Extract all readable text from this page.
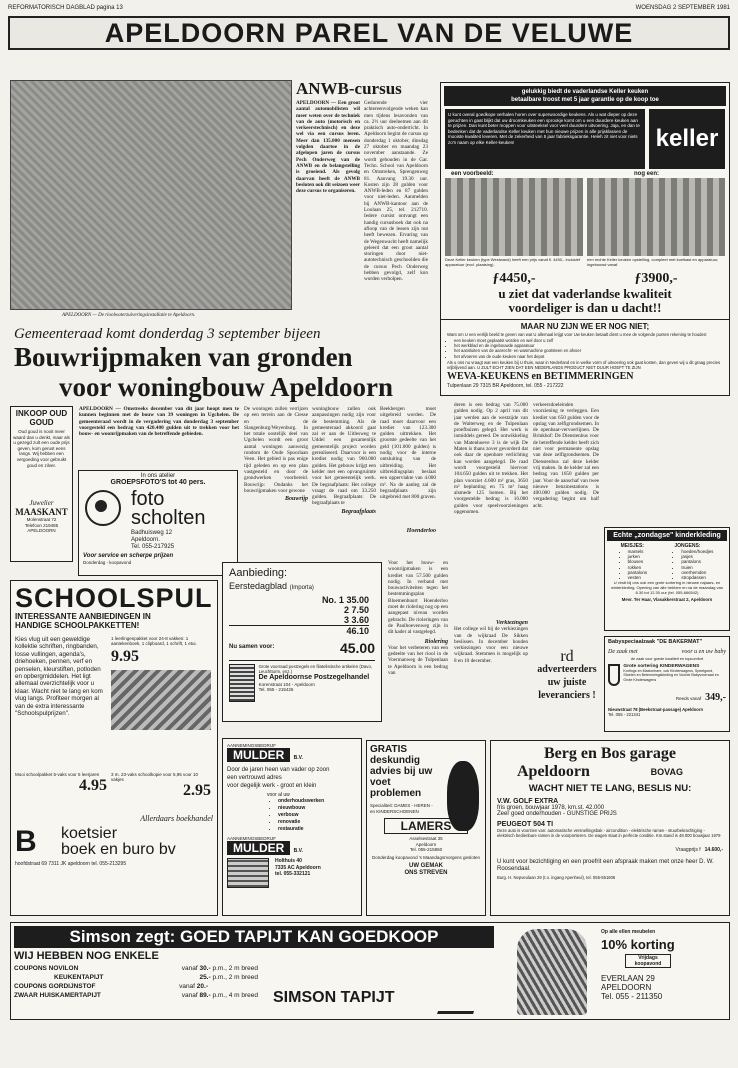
REFORMATORISCH DAGBLAD pagina 13	WOENSDAG 2 SEPTEMBER 1981
APELDOORN PAREL VAN DE VELUWE
APELDOORN — De rioolwaterzuiveringsinstallatie te Apeldoorn.
ANWB-cursus
APELDOORN — Een groot aantal automobilisten wil meer weten over de techniek van de auto (motorisch en verkeerstechnisch) en deze wel via een cursus leren. Meer dan 135.000 mensen volgden daartoe in de afgelopen jaren de cursus Pech Onderweg van de ANWB en de belangstelling is groeiend. Als gevolg daarvan heeft de ANWB besloten ook dit seizoen weer deze cursus te organiseren.
Gedurende vier achtereenvolgende weken kan men tijdens lesavonden van ca. 2½ uur deelnemen aan dit praktisch auto-onderricht. In Apeldoorn begint de cursus op donderdag 1 oktober, dinsdag 27 oktober en maandag 23 november aanstaande. Ze wordt gehouden in de Gar. Techn. School van Apeldoorn en Omstreken, Sprengenweg 81. Aanvang 19.30 uur. Kosten zijn 28 gulden voor ANWB-leden en 87 gulden voor niet-leden. Aanmelden bij ANWB-kantoor aan de Loolaan 25, tel. 212710. Iedere cursist ontvangt een handig cursusboek dat ook na afloop van de lessen zijn nut heeft bewezen. Ervaring van de Wegenwacht heeft namelijk geleerd dat een groot aantal storingen door niet-autotechnisch geschoolden die de cursus Pech Onderweg hebben gevolgd, zelf kon worden verholpen.
gelukkig biedt de vaderlandse Keller keuken
betaalbare troost met 5 jaar garantie op de koop toe
U kunt overal goedkope verhalen horen over superwoordige keukens. Als u wat dieper op deze geruchten in gaat blijkt dat uw droomkeuken een sprookje komt om u een duurdere keuken aan te prijzen. Dan kunt beter moppen voor uitsteeksel voor veel duurdere uitvoering. Jaja, en dan te bedenken dat de vaderlandse Keller keuken met hun nieuwe prijzen in alle prijsklassen de mooiste kwaliteit leveren. Met de zekerheid van 5 jaar fabrieksgarantie. Heleh zit niet voor niets zo'n naam op elke Keller-keuken!	keller
een voorbeeld:	nog een:
Deze Keller keuken (type Westwand) heeft een prijs vanaf fl. 4450,- inclusief apparatuur (excl. plaatsing).
ƒ4450,-
een rechte Keller keuken opstelling, compleet met koelkast en apparatuur, ingebouwd vanaf.
ƒ3900,-
u ziet dat vaderlandse kwaliteit
voordeliger is dan u dacht!!
MAAR NU ZIJN WE ER NOG NIET;
Want om U een eerlijk beeld te geven van wat U allemaal krijgt voor Uw keuken betaalt dient u mee de volgende punten rekening te houden:
• een keuken moet geplaatst worden en wel door u zelf
• het werkblad en de ingebouwde apparatuur
• het aansluiten van de aanrecht- en wasmachine gootsteen en afvoer
• het afvoeren van de oude keuken naar het depot
Als u ons nu vraagt wat een keuken bij U thuis, waar in Nederland en in welke vorm of uitvoering ook gaat kosten, dan geven wij u dit graag precies vrijblijvend aan. U ZULT ECHT ZIEN DAT EEN NEDERLANDS PRODUCT NIET DUUR HOEFT TE ZIJN
WEVA-KEUKENS en BETIMMERINGEN
Tulpenlaan 29 7315 BR Apeldoorn, tel. 055 - 217222
Gemeenteraad komt donderdag 3 september bijeen
Bouwrijpmaken van gronden
voor woningbouw Apeldoorn
APELDOORN — Omstreeks december van dit jaar hoopt men te kunnen beginnen met de bouw van 39 woningen in Ugchelen. De gemeenteraad wordt in de vergadering van donderdag 3 september voorgesteld een bedrag van 420.400 gulden uit te trekken voor het bouw- en woonrijpmaken van de betreffende gebieden.

De woningen zullen verrijzen op een terrein aan de Ciesse en de Slangenburg/Weyenburg. In het totale oostelijk deel van Ugchelen wordt een groot aantal woningen aanwezig rondom de Oude Spoorlaan Veen. Het gebied is pas enige tijd geleden en op een plan vastgesteld en door de grondwerken voorbereid. Bouwrijp: Ondanks het bouwrijpmaken voor gewone

Bouwrijp

woningbouw zullen ook aanpassingen nodig zijn voor de bestemming. Als de gemeenteraad akkoord gaat zal er aan de Uitlesweg te Uddel een gezamenlijk gemeentelijk project worden gerealiseerd. Daarvoor is een krediet nodig van 960.000 gulden. Het gebouw krijgt een kelder met een opvangruimte voor het gemeentelijk werk. De begraafplaats: Het college vraagt de raad om 33.250 gulden. Begraafplaats: De begraafplaats te

Begraafplaats

Beekbergen moet uitgebreid worden. De raad moet daarvoor een krediet van 123.300 gulden uittrekken. Het grootste gedeelte van het geld (101.000 gulden) is nodig voor de interne ontsluiting van de uitbreiding. Het uitbreidingsplan beslaat een oppervlakte van 4.000 m². Na de aanleg zal de begraafplaats zijn uitgebreid met 800 graven.

Hoenderloo

deren is een bedrag van 75.000 gulden nodig. Op 2 april van dit jaar werden aan de westzijde van de Walterweg en de Tulpenlaan proefbuizen gelegd. Het werk is inmiddels gereed. De ontwikkeling van Matenhoeve 3 is de wijk De Maten is thans zover gevorderd dat ook daar de openbare verlichting kan worden aangelegd. De raad wordt voorgesteld hiervoor 104.650 gulden uit te trekken. Het plan voorziet 4.600 m² gras, 3650 m² beplanting en 75 m² haag alsmede 125 bomen. Bij het voorgestelde bedrag is 16.000 gulden voor speelvoorzieningen opgenomen.

verkeersdoeleinden voorziening te verleggen. Een krediet van 650 gulden voor de opslag van zelfigrondsemen. In de openbaar-vervoerlijnen. De Brinkhof: De Dienstenbus voor de betreffende kelder heeft zich niet voor permanente opslag van deze zelfigrondsemen. De Dienstenbus zal deze kelder vrij maken. In de kelder zal een bedrag van 1650 gulden per jaar. Voor de aanschaf van twee nieuwe benzinestations is 400.000 gulden nodig. De vergadering begint om half acht.

Voor het bouw- en woonrijpmaken is een krediet van 57.500 gulden nodig. In verband met bouwactiviteiten tegen het bestemmingsplan Bloemenbuurt Hoenderloo moet de riolering nog op een aangepast niveau worden gebracht. De rioleringen van de Paulhoevenweg zijn in dit kader al vastgelegd.

Riolering

Voor het verbeteren van een gedeelte van het riool in de Voermanweg de Tulpenlaan te Apeldoorn is een bedrag van

Verkiezingen

Het college wil bij de verkiezingen van de wijkraad De Sikken beslissen. In december houden verkiezingen voor een nieuwe wijkraad. Stemmen is mogelijk op 8 en 10 december.

INKOOP OUD GOUD
Oud goud is nooit meer waard dan u denkt, maar als u gezegd zult een oude prijs geven, kom gerust eens langs. Wij hebben een vergoeding voor gebruikt goud en zilver.
Juwelier
MAASKANT
Molenstraat 72
Telefoon 219485
APELDOORN
In ons atelier
GROEPSFOTO'S tot 40 pers.
foto
scholten
Badhuisweg 12
Apeldoorn.
Tel. 055-217925
Voor service en scherpe prijzen
Donderdag - koopavond
Aanbieding:
Eerstedagblad (Importa)
No. 1 35.00
2 7.50
3 3.60
46.10
Nu samen voor:	45.00
Grote voorraad postzegels en filatelistische artikelen (Davo, Leuchtturm, enz.)
De Apeldoornse Postzegelhandel
Korenstraat 104 - Apeldoorn
Tel. 055 - 215426
SCHOOLSPUL
INTERESSANTE AANBIEDINGEN IN
HANDIGE SCHOOLPAKKETTEN!
Kies vlug uit een geweldige kollektie schriften, ringbanden, losse vullingen, agenda's, driehoeken, pennen, verf en penselen, kleurstiften, potloden en opbergmiddelen. Het ligt allemaal overzichtelijk voor u klaar. Wacht niet te lang en kom vlug langs. Profiteer morgen al van de extra interessante "Schoolspulprijzen".
1 leerlingenpakket voor 24-8 vakken: 1 aantekenboek, 1 clipboard, 1 schrift, 1 etui.
9.95
Mooi schoolpakket 5-vaks voor 6 leerjaren
4.95
3 m. 23-vaks schoolkopie voor 5,95 voor 10 vakjes
2.95
Allerdaars boekhandel
B	koetsier
boek en buro bv
hoofdstraat 69 7311 JK apeldoorn tel. 055-213295
AANNEMINGSBEDRIJF
MULDER B.V.
Door de jaren heen van vader op zoon
een vertrouwd adres
voor degelijk werk - groot en klein
voor al uw
• onderhoudswerken
• nieuwbouw
• verbouw
• renovatie
• restauratie
AANNEMINGSBEDRIJF
MULDER B.V.
Holthuis 40
7335 AC Apeldoorn
tel. 055-332121
GRATIS deskundig advies bij uw voet problemen
Specialiteit: DAMES - HEREN - en KINDERSCHOENEN
LAMERS
Asselsestraat 35
Apeldoorn
Tel. 055-215860
Donderdag koopavond 's Maandagsmorgens gesloten
UW GEMAK
ONS STREVEN
Echte „zondagse" kinderkleding
MEISJES:
• mantels
• jurken
• blouses
• rokken
• pantalons
• vesten
JONGENS:
• hoeden/hoedjes
• jasjes
• pantalons
• truien
• overhemden
• stropdassen
U vindt bij ons ook een grote sortering in nieuwe najaars- en winterkleding. Opening van alle hebben en na de maandag van 8.30 tot 12.30 uur (tel. 055-666542)
Mevr. Ter Haar, Vlasakkerstraat 2, Apeldoorn
rd
adverteerders
uw juiste
leveranciers !
Babyspeciaalzaak "DE BAKERMAT"
De zaak met	voor u en uw baby
de zaak voor goede kwaliteit en topcomfort
Grote sortering KINDERWAGENS
Kortings en Maxionhare, ook Kinderwagens, Speelgoed, Stoelen en Betemmingskleding en Voorde Babyvoorraad en Grote Kinderwagens
Reeds vanaf 349,-
Nieuwstraat 78 (Beekstraat-passage) Apeldoorn
Tel. 055 - 221341
Berg en Bos garage
Apeldoorn	BOVAG
WACHT NIET TE LANG, BESLIS NU:
V.W. GOLF EXTRA
fris groen, bouwjaar 1978, km.st. 42.000
Zeer goed onderhouden - GUNSTIGE PRIJS
PEUGEOT 504 TI
Deze auto is voorzien van: automatische versnellingsbak - aircondition - elektrische ramen - stuurbekrachtiging - elektrisch bedienbare ramen in de voorportieren. De wagen staat in perfecte conditie. Km.stand is 48.000 bouwjaar 1979
Vraagprijs f 14.600,-
U kunt voor bezichtiging en een proefrit een afspraak maken met onze heer D. W. Roosendaal.
Burg. H. Nepveulaan 29 (t.o. ingang Apenheul), tel. 055-551606
Simson zegt: GOED TAPIJT KAN GOEDKOOP
WIJ HEBBEN NOG ENKELE
COUPONS NOVILON	vanaf 30.- p.m., 2 m breed
KEUKENTAPIJT	25.- p.m., 2 m breed
COUPONS GORDIJNSTOF	vanaf 20.-
ZWAAR HUISKAMERTAPIJT	vanaf 89.- p.m., 4 m breed SIMSON TAPIJT
Op alle ellen meubelen
10% korting
Vrijdags koopavond
EVERLAAN 29
APELDOORN
Tel. 055 - 211350
